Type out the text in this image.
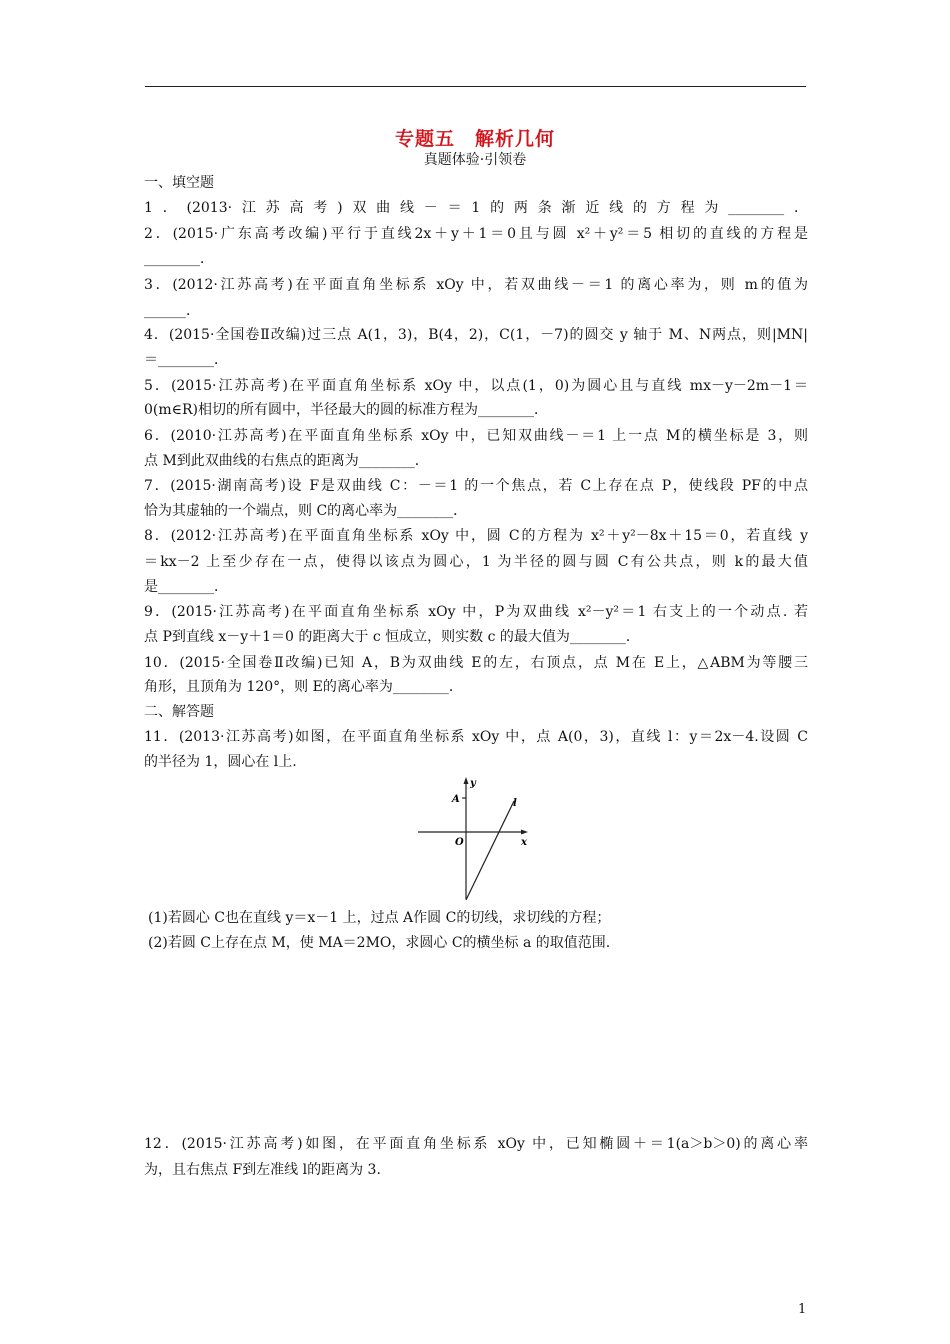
专题五　解析几何
真题体验·引领卷
一、填空题
1．(2013·江苏高考)双曲线－＝1的两条渐近线的方程为________．
2．(2015·广东高考改编)平行于直线2x＋y＋1＝0且与圆 x²＋y²＝5 相切的直线的方程是
________．
3．(2012·江苏高考)在平面直角坐标系 xOy 中，若双曲线－＝1 的离心率为，则 m的值为
______．
4．(2015·全国卷Ⅱ改编)过三点 A(1，3)，B(4，2)，C(1，－7)的圆交 y 轴于 M、N两点，则|MN|
＝________．
5．(2015·江苏高考)在平面直角坐标系 xOy 中，以点(1，0)为圆心且与直线 mx－y－2m－1＝
0(m∈R)相切的所有圆中，半径最大的圆的标准方程为________．
6．(2010·江苏高考)在平面直角坐标系 xOy 中，已知双曲线－＝1 上一点 M的横坐标是 3，则
点 M到此双曲线的右焦点的距离为________．
7．(2015·湖南高考)设 F是双曲线 C：－＝1 的一个焦点，若 C上存在点 P，使线段 PF的中点
恰为其虚轴的一个端点，则 C的离心率为________．
8．(2012·江苏高考)在平面直角坐标系 xOy 中，圆 C的方程为 x²＋y²－8x＋15＝0，若直线 y
＝kx－2 上至少存在一点，使得以该点为圆心，1 为半径的圆与圆 C有公共点，则 k的最大值
是________．
9．(2015·江苏高考)在平面直角坐标系 xOy 中，P为双曲线 x²－y²＝1 右支上的一个动点. 若
点 P到直线 x－y＋1＝0 的距离大于 c 恒成立，则实数 c 的最大值为________．
10．(2015·全国卷Ⅱ改编)已知 A，B为双曲线 E的左，右顶点，点 M在 E上，△ABM为等腰三
角形，且顶角为 120°，则 E的离心率为________．
二、解答题
11．(2013·江苏高考)如图，在平面直角坐标系 xOy 中，点 A(0，3)，直线 l：y＝2x－4.设圆 C
的半径为 1，圆心在 l上.
y
A	l
O	x
(1)若圆心 C也在直线 y＝x－1 上，过点 A作圆 C的切线，求切线的方程；
(2)若圆 C上存在点 M，使 MA＝2MO，求圆心 C的横坐标 a 的取值范围.
12．(2015·江苏高考)如图，在平面直角坐标系 xOy 中，已知椭圆＋＝1(a＞b＞0)的离心率
为，且右焦点 F到左准线 l的距离为 3.
1
